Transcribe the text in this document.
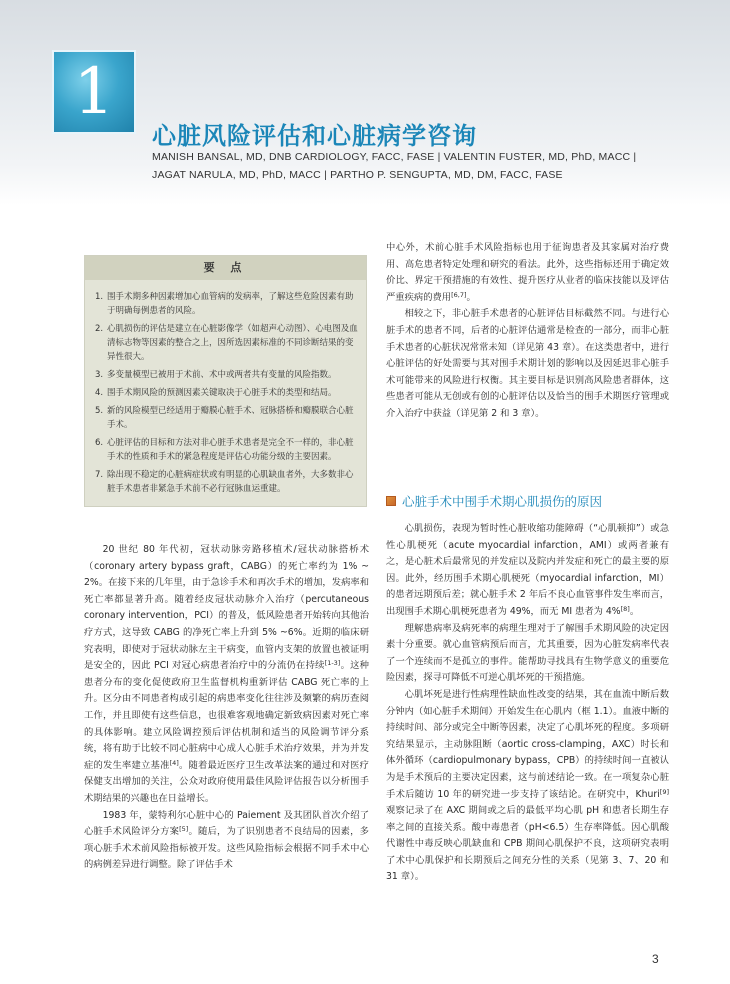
1
心脏风险评估和心脏病学咨询
MANISH BANSAL, MD, DNB CARDIOLOGY, FACC, FASE | VALENTIN FUSTER, MD, PhD, MACC |
JAGAT NARULA, MD, PhD, MACC | PARTHO P. SENGUPTA, MD, DM, FACC, FASE
要 点
1. 围手术期多种因素增加心血管病的发病率，了解这些危险因素有助于明确每例患者的风险。
2. 心肌损伤的评估是建立在心脏影像学（如超声心动图）、心电图及血清标志物等因素的整合之上，因所选因素标准的不同诊断结果的变异性很大。
3. 多变量模型已被用于术前、术中或两者共有变量的风险指数。
4. 围手术期风险的预测因素关键取决于心脏手术的类型和结局。
5. 新的风险模型已经适用于瓣膜心脏手术、冠脉搭桥和瓣膜联合心脏手术。
6. 心脏评估的目标和方法对非心脏手术患者是完全不一样的，非心脏手术的性质和手术的紧急程度是评估心功能分级的主要因素。
7. 除出现不稳定的心脏病症状或有明显的心肌缺血者外，大多数非心脏手术患者非紧急手术前不必行冠脉血运重建。

20 世纪 80 年代初，冠状动脉旁路移植术/冠状动脉搭桥术（coronary artery bypass graft，CABG）的死亡率约为 1% ~ 2%。在接下来的几年里，由于急诊手术和再次手术的增加，发病率和死亡率都显著升高。随着经皮冠状动脉介入治疗（percutaneous coronary intervention，PCI）的普及，低风险患者开始转向其他治疗方式，这导致 CABG 的净死亡率上升到 5% ~6%。近期的临床研究表明，即使对于冠状动脉左主干病变，血管内支架的放置也被证明是安全的，因此 PCI 对冠心病患者治疗中的分流仍在持续[1-3]。这种患者分布的变化促使政府卫生监督机构重新评估 CABG 死亡率的上升。区分由不同患者构成引起的病患率变化往往涉及频繁的病历查阅工作，并且即使有这些信息，也很难客观地确定新致病因素对死亡率的具体影响。建立风险调控预后评估机制和适当的风险调节评分系统，将有助于比较不同心脏病中心成人心脏手术治疗效果，并为并发症的发生率建立基准[4]。随着最近医疗卫生改革法案的通过和对医疗保健支出增加的关注，公众对政府使用最佳风险评估报告以分析围手术期结果的兴趣也在日益增长。

1983 年，蒙特利尔心脏中心的 Paiement 及其团队首次介绍了心脏手术风险评分方案[5]。随后，为了识别患者不良结局的因素，多项心脏手术术前风险指标被开发。这些风险指标会根据不同手术中心的病例差异进行调整。除了评估手术

中心外，术前心脏手术风险指标也用于征询患者及其家属对治疗费用、高危患者特定处理和研究的看法。此外，这些指标还用于确定效价比、界定干预措施的有效性、提升医疗从业者的临床技能以及评估严重疾病的费用[6,7]。

相较之下，非心脏手术患者的心脏评估目标截然不同。与进行心脏手术的患者不同，后者的心脏评估通常是检查的一部分，而非心脏手术患者的心脏状况常常未知（详见第 43 章）。在这类患者中，进行心脏评估的好处需要与其对围手术期计划的影响以及因延迟非心脏手术可能带来的风险进行权衡。其主要目标是识别高风险患者群体，这些患者可能从无创或有创的心脏评估以及恰当的围手术期医疗管理或介入治疗中获益（详见第 2 和 3 章）。

心脏手术中围手术期心肌损伤的原因

心肌损伤，表现为暂时性心脏收缩功能障碍（“心肌顿抑”）或急性心肌梗死（acute myocardial infarction，AMI）或两者兼有之，是心脏术后最常见的并发症以及院内并发症和死亡的最主要的原因。此外，经历围手术期心肌梗死（myocardial infarction，MI）的患者远期预后差；就心脏手术 2 年后不良心血管事件发生率而言，出现围手术期心肌梗死患者为 49%，而无 MI 患者为 4%[8]。

理解患病率及病死率的病理生理对于了解围手术期风险的决定因素十分重要。就心血管病预后而言，尤其重要，因为心脏发病率代表了一个连续而不是孤立的事件。能帮助寻找具有生物学意义的重要危险因素，探寻可降低不可逆心肌坏死的干预措施。

心肌坏死是进行性病理性缺血性改变的结果，其在血流中断后数分钟内（如心脏手术期间）开始发生在心肌内（框 1.1）。血液中断的持续时间、部分或完全中断等因素，决定了心肌坏死的程度。多项研究结果显示，主动脉阻断（aortic cross-clamping，AXC）时长和体外循环（cardiopulmonary bypass，CPB）的持续时间一直被认为是手术预后的主要决定因素，这与前述结论一致。在一项复杂心脏手术后随访 10 年的研究进一步支持了该结论。在研究中，Khuri[9] 观察记录了在 AXC 期间或之后的最低平均心肌 pH 和患者长期生存率之间的直接关系。酸中毒患者（pH<6.5）生存率降低。因心肌酸代谢性中毒反映心肌缺血和 CPB 期间心肌保护不良，这项研究表明了术中心肌保护和长期预后之间充分性的关系（见第 3、7、20 和 31 章）。

3
